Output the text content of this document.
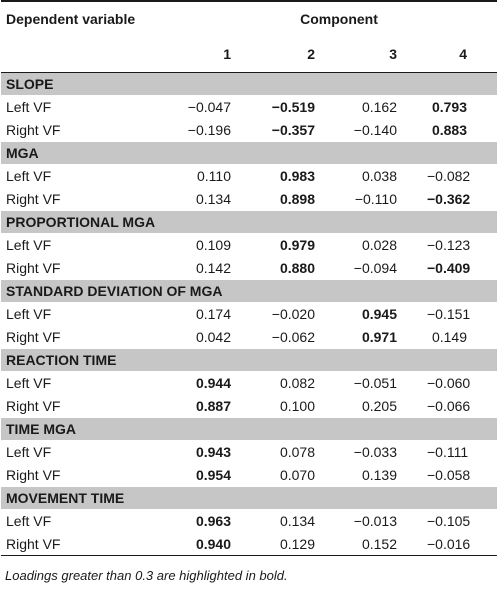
Dependent variable	Component			
	1	2	3	4
SLOPE				
Left VF	−0.047	−0.519	0.162	0.793
Right VF	−0.196	−0.357	−0.140	0.883
MGA				
Left VF	0.110	0.983	0.038	−0.082
Right VF	0.134	0.898	−0.110	−0.362
PROPORTIONAL MGA				
Left VF	0.109	0.979	0.028	−0.123
Right VF	0.142	0.880	−0.094	−0.409
STANDARD DEVIATION OF MGA				
Left VF	0.174	−0.020	0.945	−0.151
Right VF	0.042	−0.062	0.971	0.149
REACTION TIME				
Left VF	0.944	0.082	−0.051	−0.060
Right VF	0.887	0.100	0.205	−0.066
TIME MGA				
Left VF	0.943	0.078	−0.033	−0.111
Right VF	0.954	0.070	0.139	−0.058
MOVEMENT TIME				
Left VF	0.963	0.134	−0.013	−0.105
Right VF	0.940	0.129	0.152	−0.016
Loadings greater than 0.3 are highlighted in bold.
